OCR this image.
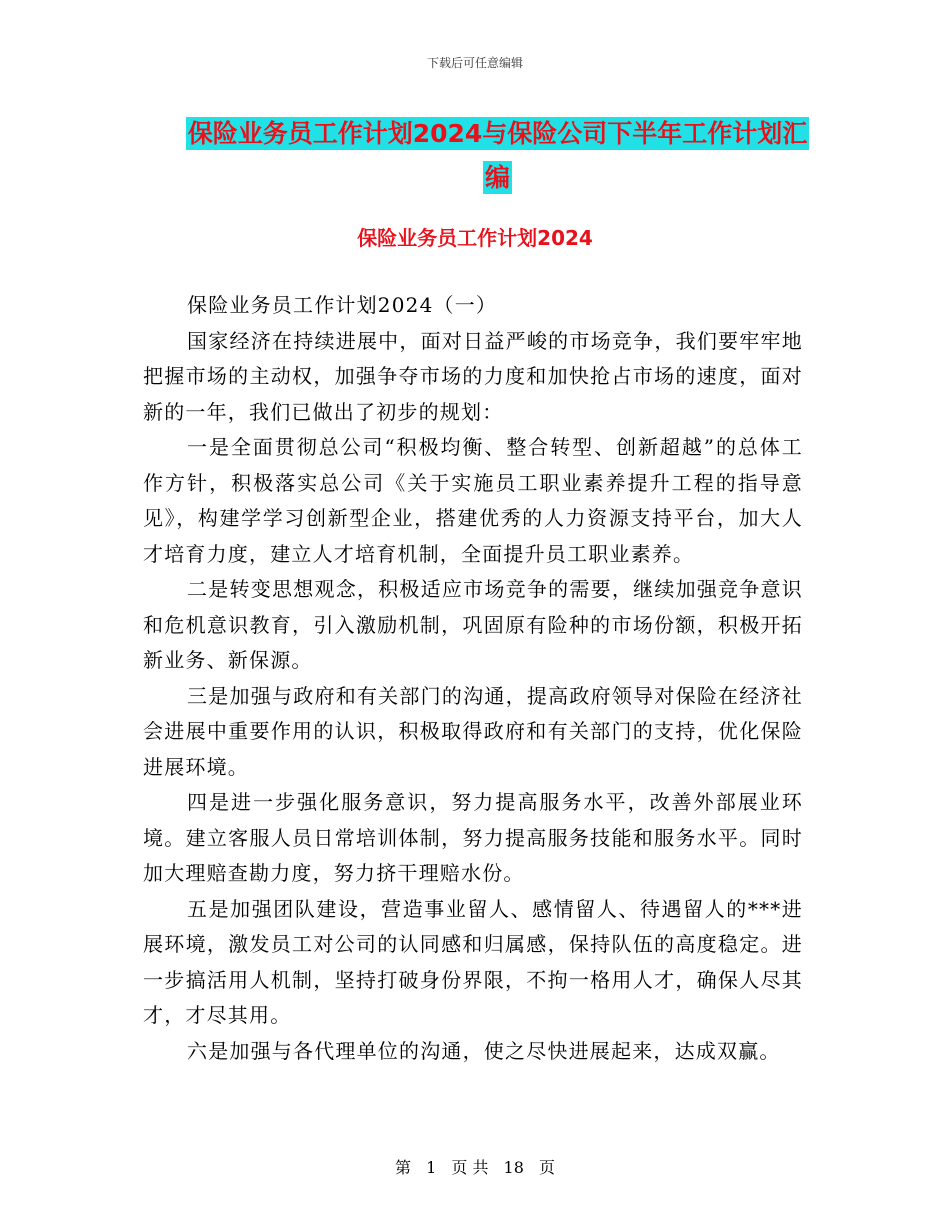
下载后可任意编辑
保险业务员工作计划2024与保险公司下半年工作计划汇编
保险业务员工作计划2024

保险业务员工作计划2024（一）

国家经济在持续进展中，面对日益严峻的市场竞争，我们要牢牢地把握市场的主动权，加强争夺市场的力度和加快抢占市场的速度，面对新的一年，我们已做出了初步的规划：

一是全面贯彻总公司“积极均衡、整合转型、创新超越”的总体工作方针，积极落实总公司《关于实施员工职业素养提升工程的指导意见》，构建学学习创新型企业，搭建优秀的人力资源支持平台，加大人才培育力度，建立人才培育机制，全面提升员工职业素养。

二是转变思想观念，积极适应市场竞争的需要，继续加强竞争意识和危机意识教育，引入激励机制，巩固原有险种的市场份额，积极开拓新业务、新保源。

三是加强与政府和有关部门的沟通，提高政府领导对保险在经济社会进展中重要作用的认识，积极取得政府和有关部门的支持，优化保险进展环境。

四是进一步强化服务意识，努力提高服务水平，改善外部展业环境。建立客服人员日常培训体制，努力提高服务技能和服务水平。同时加大理赔查勘力度，努力挤干理赔水份。

五是加强团队建设，营造事业留人、感情留人、待遇留人的***进展环境，激发员工对公司的认同感和归属感，保持队伍的高度稳定。进一步搞活用人机制，坚持打破身份界限，不拘一格用人才，确保人尽其才，才尽其用。

六是加强与各代理单位的沟通，使之尽快进展起来，达成双赢。

第 1 页 共 18 页
